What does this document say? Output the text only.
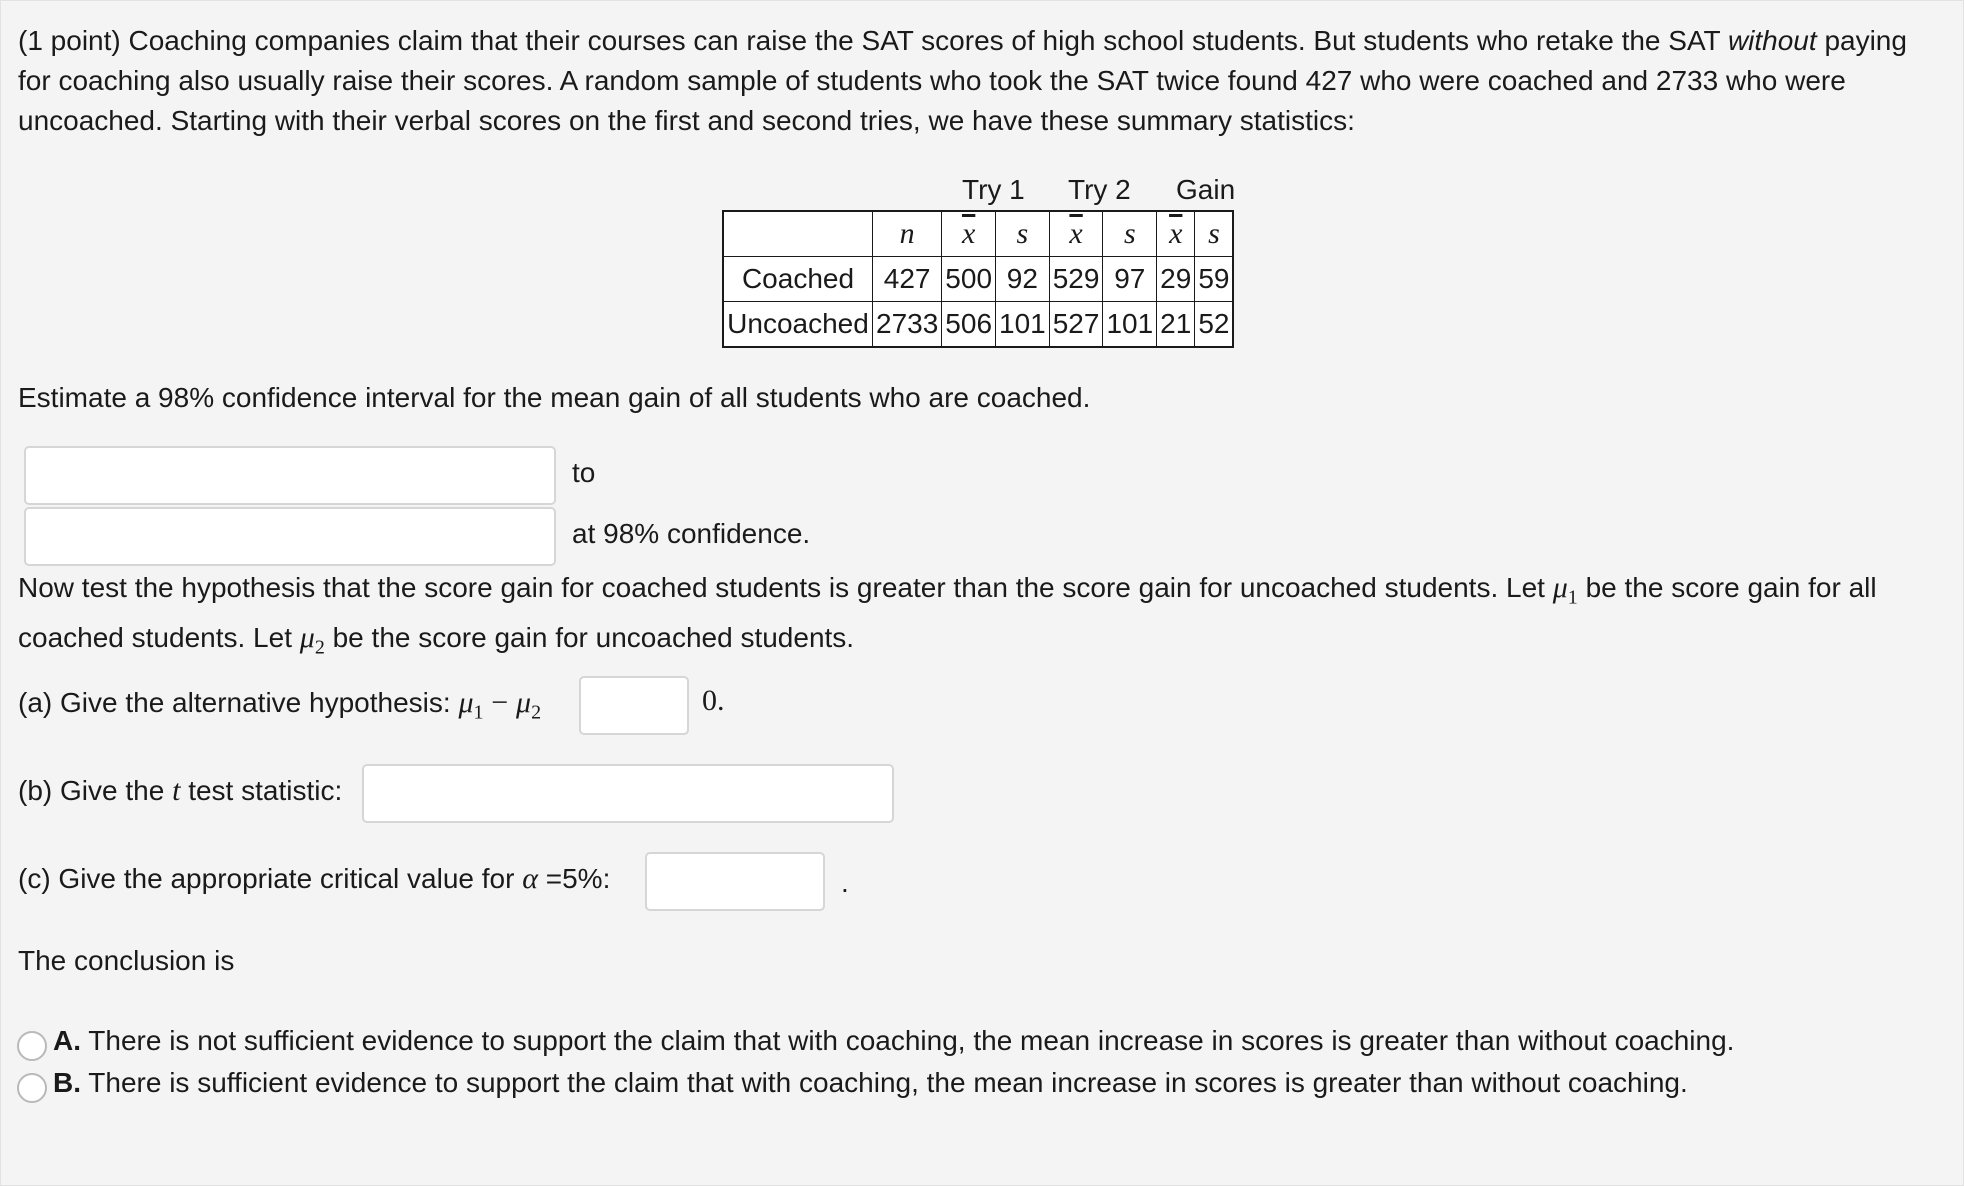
(1 point) Coaching companies claim that their courses can raise the SAT scores of high school students. But students who retake the SAT without paying for coaching also usually raise their scores. A random sample of students who took the SAT twice found 427 who were coached and 2733 who were uncoached. Starting with their verbal scores on the first and second tries, we have these summary statistics:
Try 1 Try 2 Gain
	n	$\overline{x}$	s	$\overline{x}$	s	$\overline{x}$	s
Coached	427	500	92	529	97	29	59
Uncoached	2733	506	101	527	101	21	52
Estimate a 98% confidence interval for the mean gain of all students who are coached.
to
at 98% confidence.
Now test the hypothesis that the score gain for coached students is greater than the score gain for uncoached students. Let $\mu_1$ be the score gain for all coached students. Let $\mu_2$ be the score gain for uncoached students.
(a) Give the alternative hypothesis: $\mu_1 - \mu_2$	0.
(b) Give the t test statistic:
(c) Give the appropriate critical value for α =5%:	.
The conclusion is
A. There is not sufficient evidence to support the claim that with coaching, the mean increase in scores is greater than without coaching.
B. There is sufficient evidence to support the claim that with coaching, the mean increase in scores is greater than without coaching.
